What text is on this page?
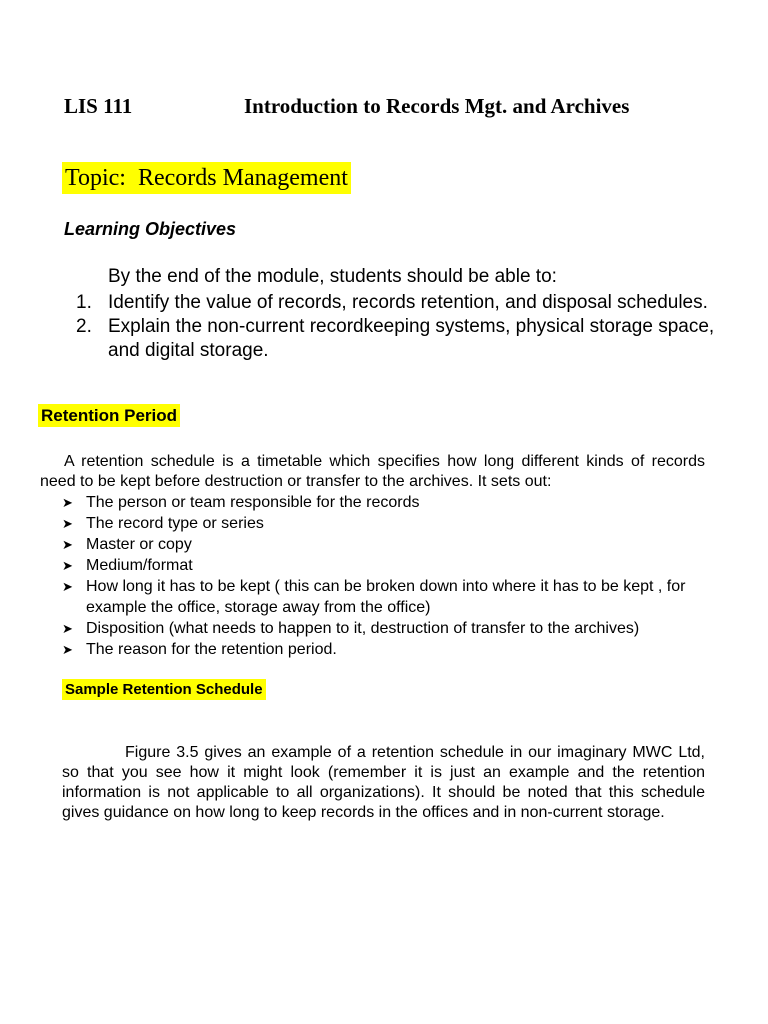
LIS 111	Introduction to Records Mgt. and Archives
Topic:  Records Management
Learning Objectives
By the end of the module, students should be able to:
1. Identify the value of records, records retention, and disposal schedules.
2. Explain the non-current recordkeeping systems, physical storage space, and digital storage.
Retention Period

A retention schedule is a timetable which specifies how long different kinds of records need to be kept before destruction or transfer to the archives. It sets out:

➤ The person or team responsible for the records
➤ The record type or series
➤ Master or copy
➤ Medium/format
➤ How long it has to be kept ( this can be broken down into where it has to be kept , for example the office, storage away from the office)
➤ Disposition (what needs to happen to it, destruction of transfer to the archives)
➤ The reason for the retention period.
Sample Retention Schedule

Figure 3.5 gives an example of a retention schedule in our imaginary MWC Ltd, so that you see how it might look (remember it is just an example and the retention information is not applicable to all organizations). It should be noted that this schedule gives guidance on how long to keep records in the offices and in non-current storage.
